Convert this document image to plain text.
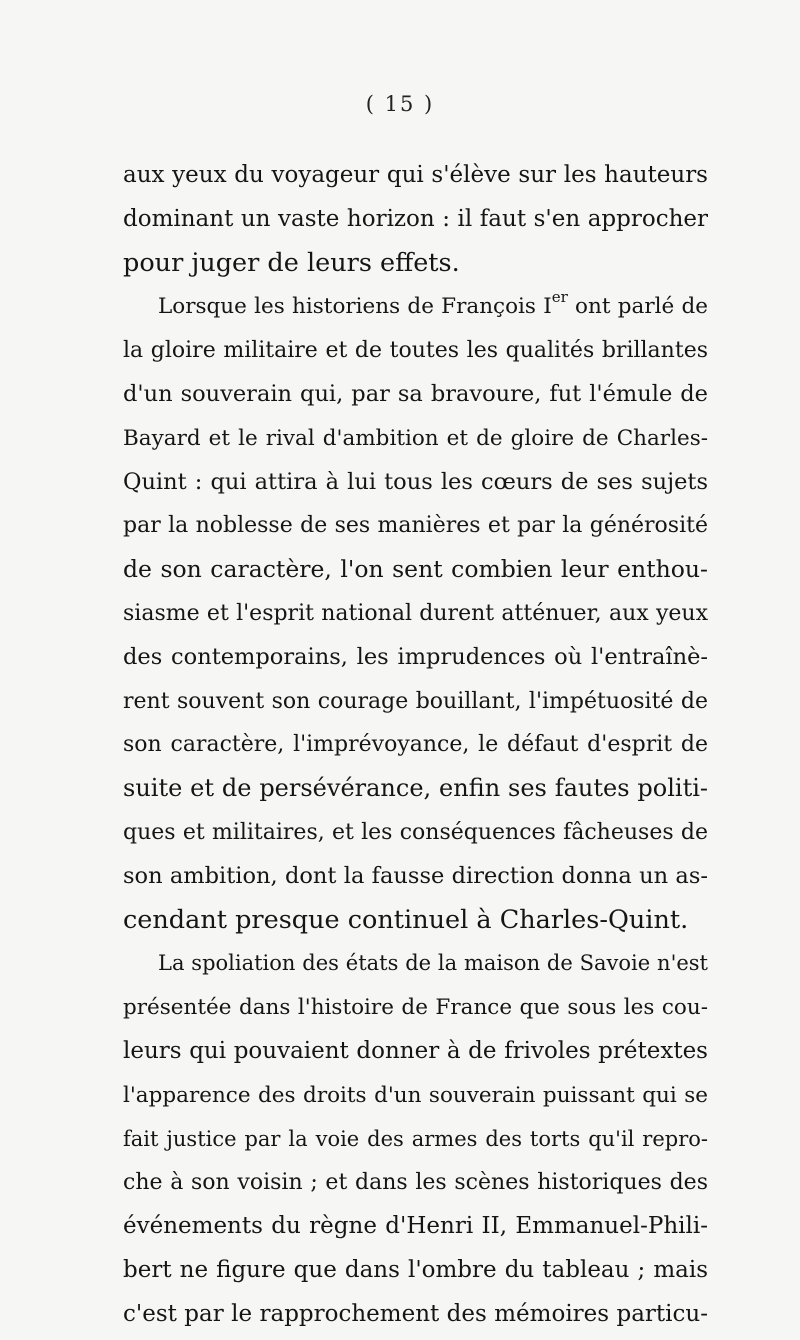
( 15 )
aux yeux du voyageur qui s'élève sur les hauteurs
dominant un vaste horizon : il faut s'en approcher
pour juger de leurs effets.
Lorsque les historiens de François Ier ont parlé de
la gloire militaire et de toutes les qualités brillantes
d'un souverain qui, par sa bravoure, fut l'émule de
Bayard et le rival d'ambition et de gloire de Charles-
Quint : qui attira à lui tous les cœurs de ses sujets
par la noblesse de ses manières et par la générosité
de son caractère, l'on sent combien leur enthou-
siasme et l'esprit national durent atténuer, aux yeux
des contemporains, les imprudences où l'entraînè-
rent souvent son courage bouillant, l'impétuosité de
son caractère, l'imprévoyance, le défaut d'esprit de
suite et de persévérance, enfin ses fautes politi-
ques et militaires, et les conséquences fâcheuses de
son ambition, dont la fausse direction donna un as-
cendant presque continuel à Charles-Quint.
La spoliation des états de la maison de Savoie n'est
présentée dans l'histoire de France que sous les cou-
leurs qui pouvaient donner à de frivoles prétextes
l'apparence des droits d'un souverain puissant qui se
fait justice par la voie des armes des torts qu'il repro-
che à son voisin ; et dans les scènes historiques des
événements du règne d'Henri II, Emmanuel-Phili-
bert ne figure que dans l'ombre du tableau ; mais
c'est par le rapprochement des mémoires particu-
